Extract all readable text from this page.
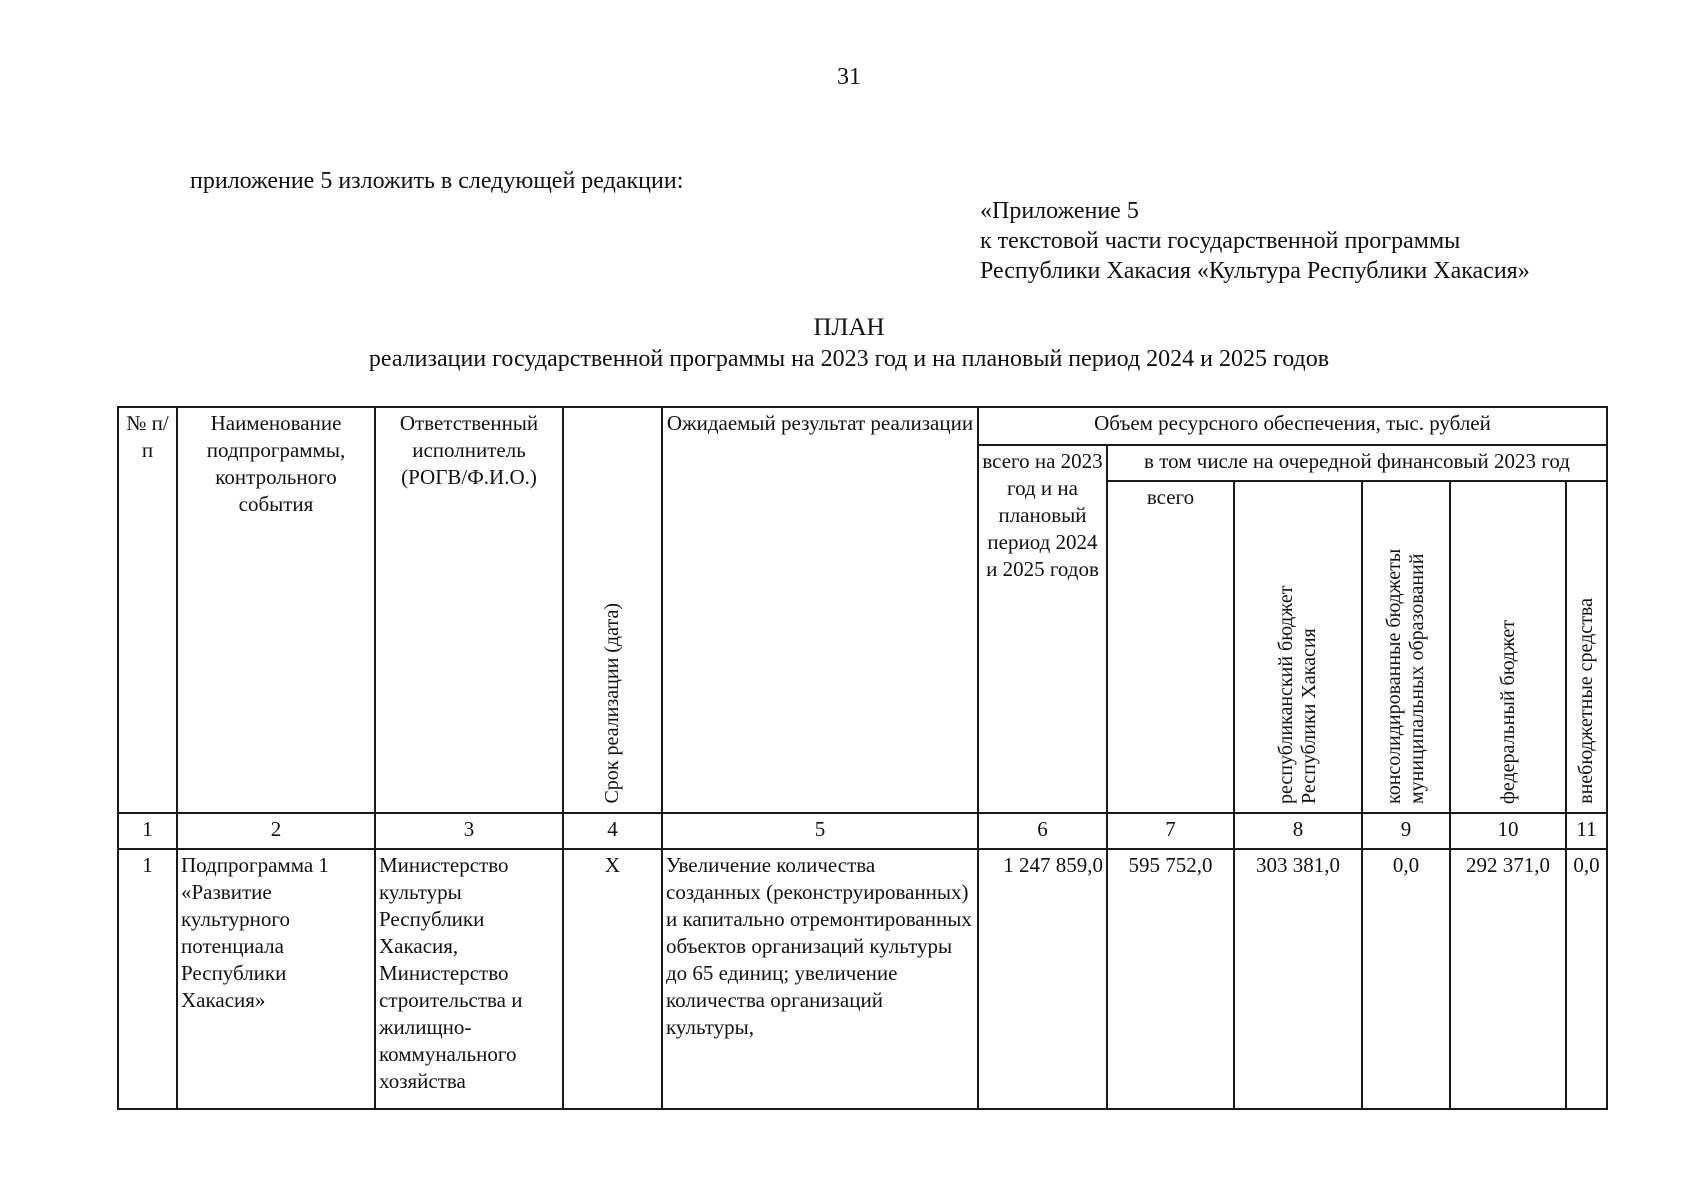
31
приложение 5 изложить в следующей редакции:
«Приложение 5
к текстовой части государственной программы
Республики Хакасия «Культура Республики Хакасия»
ПЛАН
реализации государственной программы на 2023 год и на плановый период 2024 и 2025 годов
№ п/п	Наименование подпрограммы, контрольного события	Ответственный исполнитель (РОГВ/Ф.И.О.)	Срок реализации (дата)	Ожидаемый результат реализации	Объем ресурсного обеспечения, тыс. рублей					
					всего на 2023 год и на плановый период 2024 и 2025 годов	в том числе на очередной финансовый 2023 год				
						всего	республиканский бюджет Республики Хакасия	консолидированные бюджеты муниципальных образований	федеральный бюджет	внебюджетные средства

1	2	3	4	5	6	7	8	9	10	11
1	Подпрограмма 1 «Развитие культурного потенциала Республики Хакасия»	Министерство культуры Республики Хакасия, Министерство строительства и жилищно-коммунального хозяйства	X	Увеличение количества созданных (реконструированных) и капитально отремонтированных объектов организаций культуры до 65 единиц; увеличение количества организаций культуры,	1 247 859,0	595 752,0	303 381,0	0,0	292 371,0	0,0
